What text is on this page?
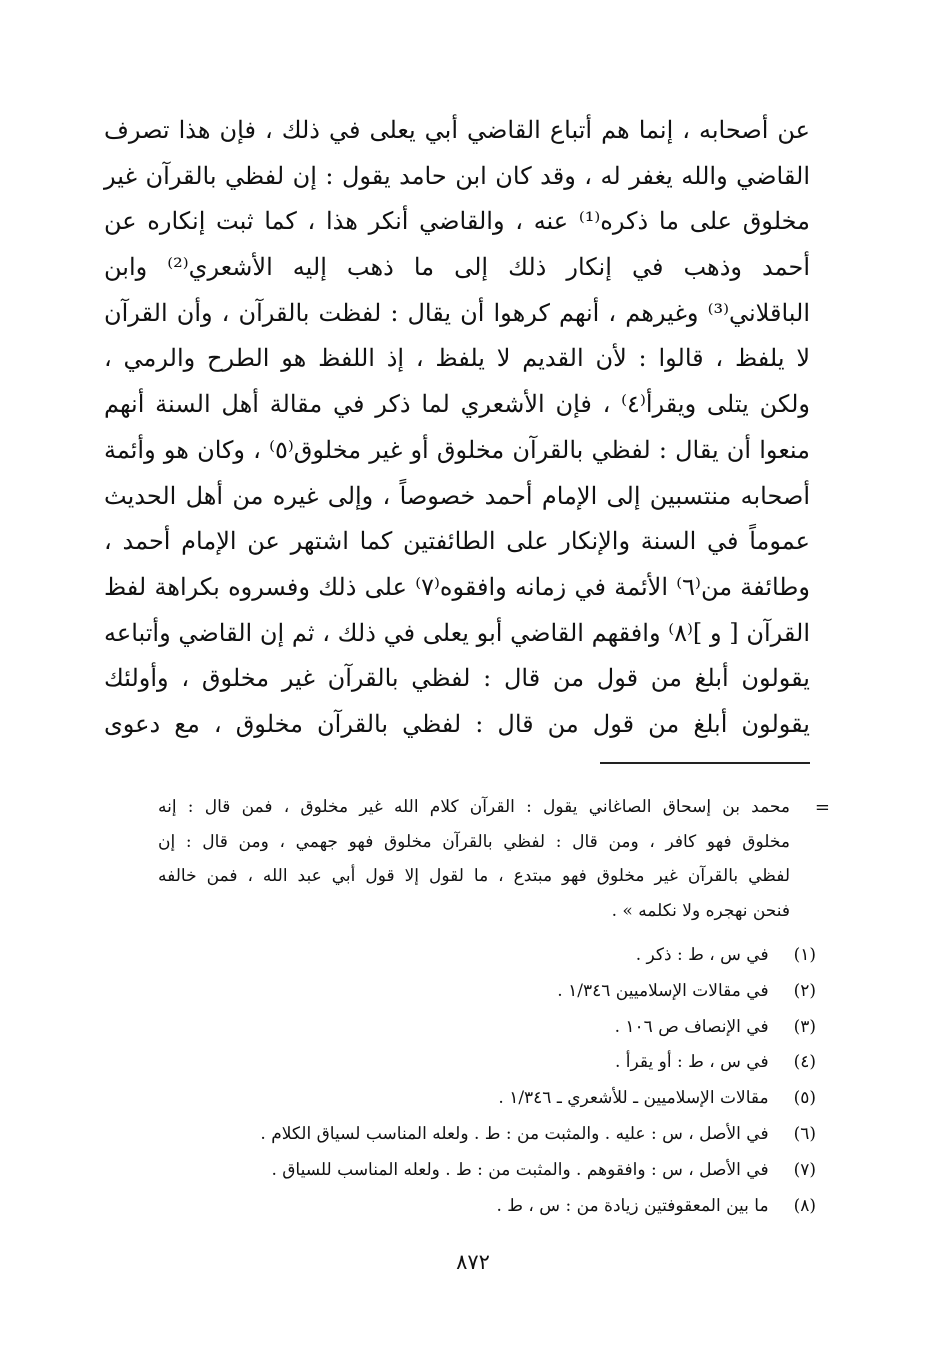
عن أصحابه ، إنما هم أتباع القاضي أبي يعلى في ذلك ، فإن هذا تصرف
القاضي والله يغفر له ، وقد كان ابن حامد يقول : إن لفظي بالقرآن غير
مخلوق على ما ذكره⁽¹⁾ عنه ، والقاضي أنكر هذا ، كما ثبت إنكاره عن
أحمد وذهب في إنكار ذلك إلى ما ذهب إليه الأشعري⁽²⁾ وابن
الباقلاني⁽³⁾ وغيرهم ، أنهم كرهوا أن يقال : لفظت بالقرآن ، وأن القرآن
لا يلفظ ، قالوا : لأن القديم لا يلفظ ، إذ اللفظ هو الطرح والرمي ،
ولكن يتلى ويقرأ⁽٤⁾ ، فإن الأشعري لما ذكر في مقالة أهل السنة أنهم
منعوا أن يقال : لفظي بالقرآن مخلوق أو غير مخلوق⁽٥⁾ ، وكان هو وأئمة
أصحابه منتسبين إلى الإمام أحمد خصوصاً ، وإلى غيره من أهل الحديث
عموماً في السنة والإنكار على الطائفتين كما اشتهر عن الإمام أحمد ،
وطائفة من⁽٦⁾ الأئمة في زمانه وافقوه⁽٧⁾ على ذلك وفسروه بكراهة لفظ
القرآن [ و ]⁽٨⁾ وافقهم القاضي أبو يعلى في ذلك ، ثم إن القاضي وأتباعه
يقولون أبلغ من قول من قال : لفظي بالقرآن غير مخلوق ، وأولئك
يقولون أبلغ من قول من قال : لفظي بالقرآن مخلوق ، مع دعوى
=
محمد بن إسحاق الصاغاني يقول : القرآن كلام الله غير مخلوق ، فمن قال : إنه
مخلوق فهو كافر ، ومن قال : لفظي بالقرآن مخلوق فهو جهمي ، ومن قال : إن
لفظي بالقرآن غير مخلوق فهو مبتدع ، ما لقول إلا قول أبي عبد الله ، فمن خالفه
فنحن نهجره ولا نكلمه » .
(١) في س ، ط : ذكر .
(٢) في مقالات الإسلاميين ١/٣٤٦ .
(٣) في الإنصاف ص ١٠٦ .
(٤) في س ، ط : أو يقرأ .
(٥) مقالات الإسلاميين ـ للأشعري ـ ١/٣٤٦ .
(٦) في الأصل ، س : عليه . والمثبت من : ط . ولعله المناسب لسياق الكلام .
(٧) في الأصل ، س : وافقوهم . والمثبت من : ط . ولعله المناسب للسياق .
(٨) ما بين المعقوفتين زيادة من : س ، ط .
٨٧٢
